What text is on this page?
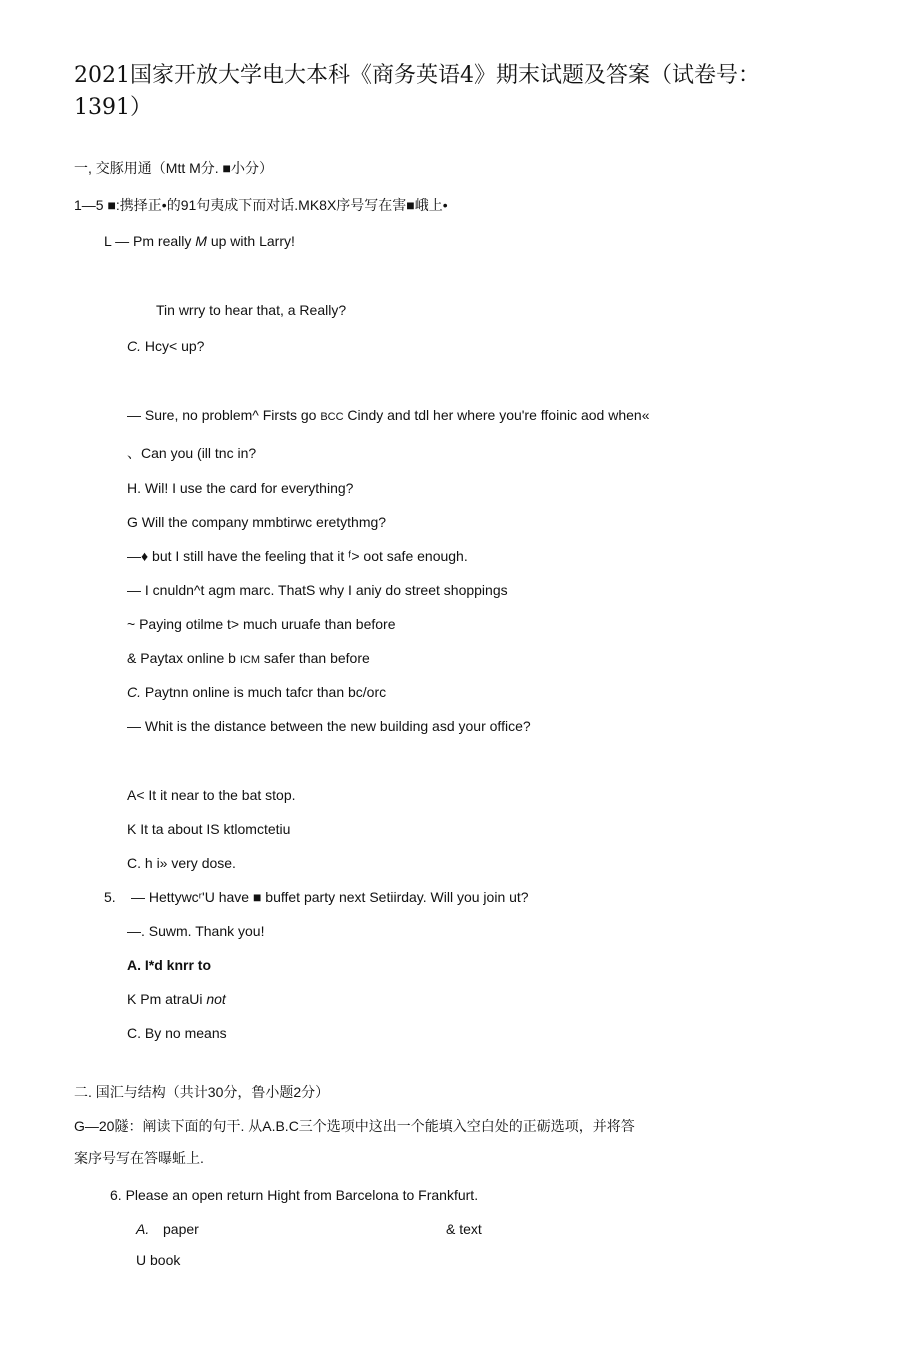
2021国家开放大学电大本科《商务英语4》期末试题及答案（试卷号：1391）
一, 交豚用通（Mtt M分. ■小分）
1—5 ■:携择正•的91句夷成下而对话.MK8X序号写在害■峨上•
L — Pm really M up with Larry!
Tin wrry to hear that, a Really?
C. Hcy< up?
— Sure, no problem^ Firsts go BCC Cindy and tdl her where you're ffoinic aod when«
、Can you (ill tnc in?
H. Wil! I use the card for everything?
G Will the company mmbtirwc eretythmg?
—♦ but I still have the feeling that it ᶠ> oot safe enough.
— I cnuldn^t agm marc. ThatS why I aniy do street shoppings
~ Paying otilme t> much uruafe than before
& Paytax online b ICM safer than before
C. Paytnn online is much tafcr than bc/orc
— Whit is the distance between the new building asd your office?
A< It it near to the bat stop.
K It ta about IS ktlomctetiu
C. h i» very dose.
5. — Hettywcʳ'U have ■ buffet party next Setiirday. Will you join ut?
—. Suwm. Thank you!
A. I*d knrr to
K Pm atraUi not
C. By no means
二. 国汇与结构（共计30分，鲁小题2分）
G—20隧：阐读下面的句干. 从A.B.C三个选项中这出一个能填入空白处的正砺选项，并将答
案序号写在答曝蚯上.
6. Please an open return Hight from Barcelona to Frankfurt.
A. paper	& text
U book
